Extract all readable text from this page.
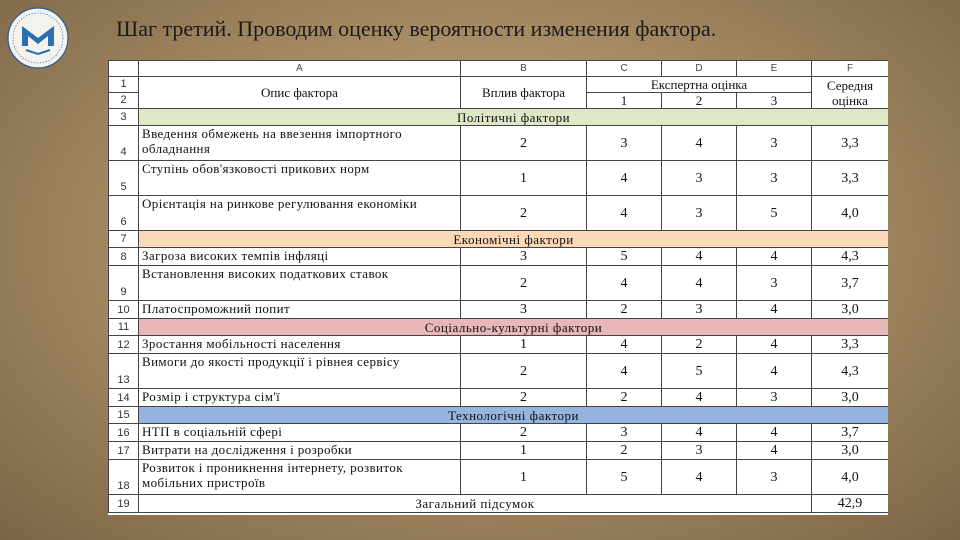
Шаг третий. Проводим оценку вероятности изменения фактора.
	A	B	C	D	E	F
1	Опис фактора	Вплив фактора	Експертна оцінка			Середня оцінка
2			1	2	3	
3	Політичні фактори					
4	Введення обмежень на ввезення імпортного обладнання	2	3	4	3	3,3
5	Ступінь обов'язковості прикових норм	1	4	3	3	3,3
6	Орієнтація на ринкове регулювання економіки	2	4	3	5	4,0
7	Економічні фактори					
8	Загроза високих темпів інфляці	3	5	4	4	4,3
9	Встановлення високих податкових ставок	2	4	4	3	3,7
10	Платоспроможний попит	3	2	3	4	3,0
11	Соціально-культурні фактори					
12	Зростання мобільності населення	1	4	2	4	3,3
13	Вимоги до якості продукції і рівнея сервісу	2	4	5	4	4,3
14	Розмір і структура сім'ї	2	2	4	3	3,0
15	Технологічні фактори					
16	НТП в соціальній сфері	2	3	4	4	3,7
17	Витрати на дослідження і розробки	1	2	3	4	3,0
18	Розвиток і проникнення інтернету, розвиток мобільних пристроїв	1	5	4	3	4,0
19	Загальний підсумок					42,9
